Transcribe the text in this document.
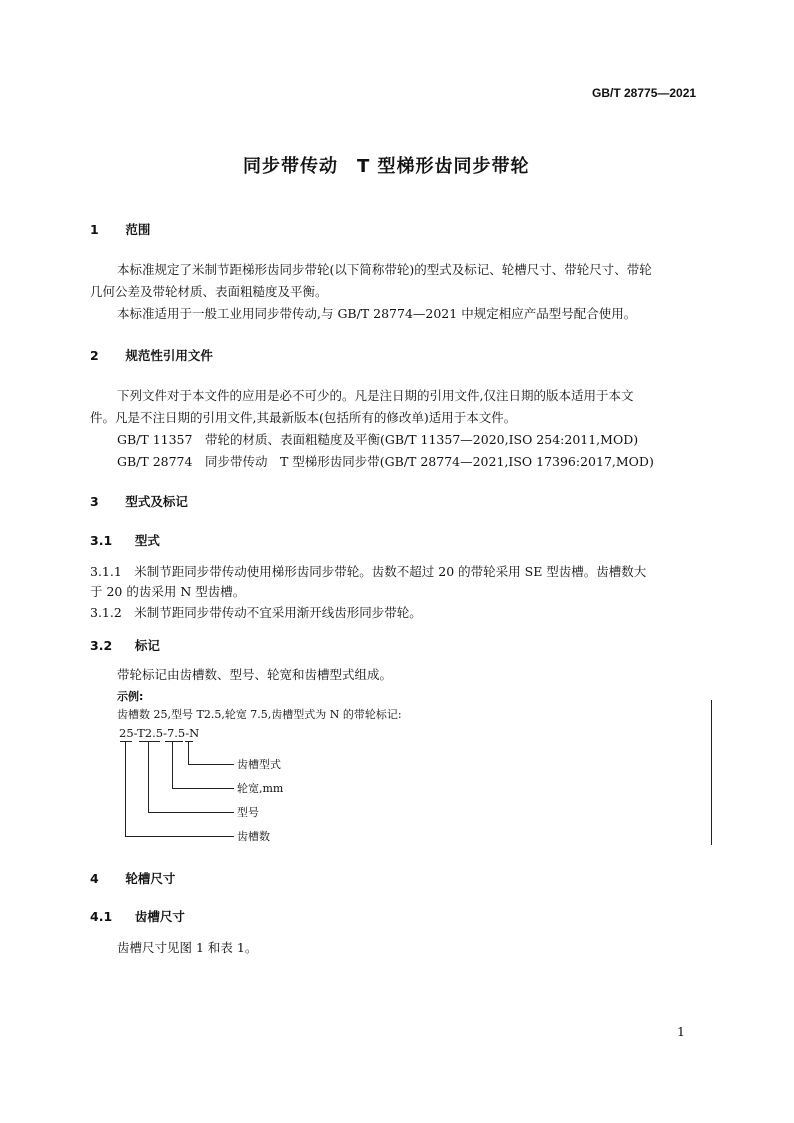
GB/T 28775—2021
同步带传动　T 型梯形齿同步带轮
1 范围
本标准规定了米制节距梯形齿同步带轮(以下简称带轮)的型式及标记、轮槽尺寸、带轮尺寸、带轮
几何公差及带轮材质、表面粗糙度及平衡。
本标准适用于一般工业用同步带传动,与 GB/T 28774—2021 中规定相应产品型号配合使用。
2 规范性引用文件
下列文件对于本文件的应用是必不可少的。凡是注日期的引用文件,仅注日期的版本适用于本文
件。凡是不注日期的引用文件,其最新版本(包括所有的修改单)适用于本文件。
GB/T 11357　带轮的材质、表面粗糙度及平衡(GB/T 11357—2020,ISO 254:2011,MOD)
GB/T 28774　同步带传动　T 型梯形齿同步带(GB/T 28774—2021,ISO 17396:2017,MOD)
3 型式及标记
3.1 型式
3.1.1　米制节距同步带传动使用梯形齿同步带轮。齿数不超过 20 的带轮采用 SE 型齿槽。齿槽数大
于 20 的齿采用 N 型齿槽。
3.1.2　米制节距同步带传动不宜采用渐开线齿形同步带轮。
3.2 标记
带轮标记由齿槽数、型号、轮宽和齿槽型式组成。
示例:
齿槽数 25,型号 T2.5,轮宽 7.5,齿槽型式为 N 的带轮标记:
25-T2.5-7.5-N
齿槽型式
轮宽,mm
型号
齿槽数
4 轮槽尺寸
4.1 齿槽尺寸
齿槽尺寸见图 1 和表 1。
1
